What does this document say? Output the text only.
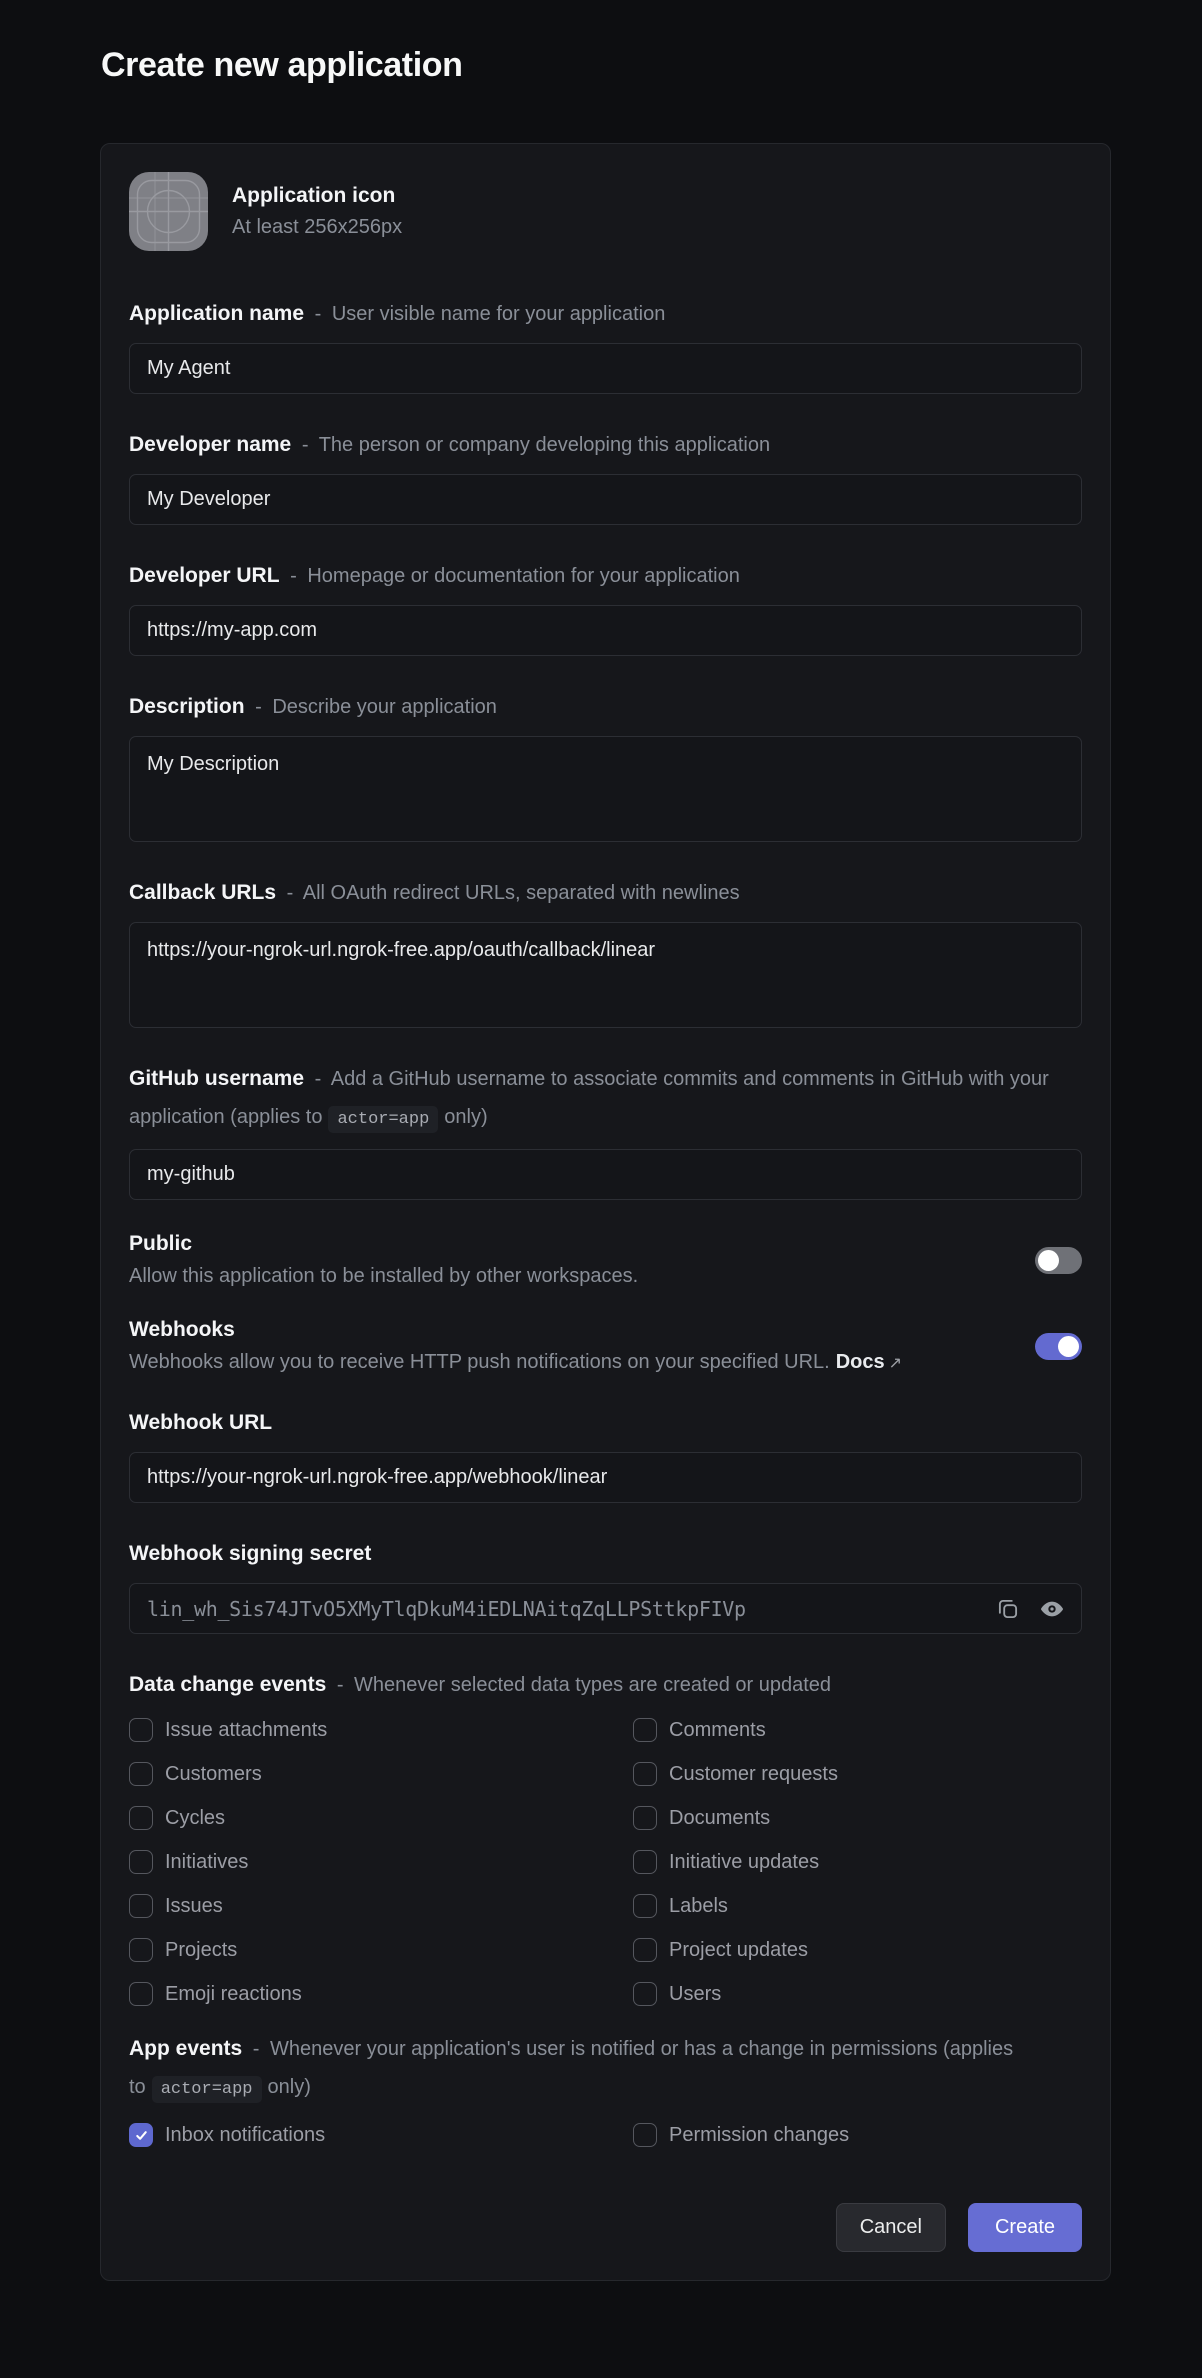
Create new application
Application icon
At least 256x256px
Application name - User visible name for your application
My Agent
Developer name - The person or company developing this application
My Developer
Developer URL - Homepage or documentation for your application
https://my-app.com
Description - Describe your application
My Description
Callback URLs - All OAuth redirect URLs, separated with newlines
https://your-ngrok-url.ngrok-free.app/oauth/callback/linear
GitHub username - Add a GitHub username to associate commits and comments in GitHub with your application (applies to actor=app only)
my-github
Public

Allow this application to be installed by other workspaces.

Webhooks

Webhooks allow you to receive HTTP push notifications on your specified URL. Docs ↗

Webhook URL
https://your-ngrok-url.ngrok-free.app/webhook/linear
Webhook signing secret
lin_wh_Sis74JTvO5XMyTlqDkuM4iEDLNAitqZqLLPSttkpFIVp
Data change events - Whenever selected data types are created or updated
Issue attachments	Comments
Customers	Customer requests
Cycles	Documents
Initiatives	Initiative updates
Issues	Labels
Projects	Project updates
Emoji reactions	Users
App events - Whenever your application's user is notified or has a change in permissions (applies to actor=app only)
Inbox notifications	Permission changes
Cancel	Create
